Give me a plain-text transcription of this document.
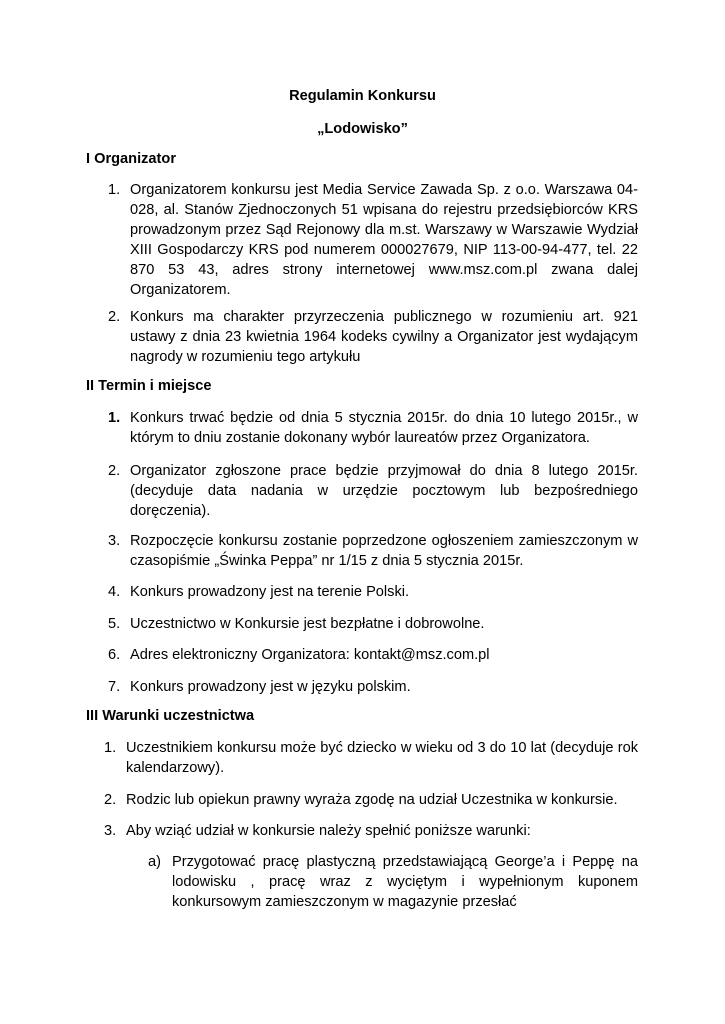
Regulamin Konkursu
„Lodowisko”
I Organizator
1. Organizatorem konkursu jest Media Service Zawada Sp. z o.o. Warszawa 04-028, al. Stanów Zjednoczonych 51 wpisana do rejestru przedsiębiorców KRS prowadzonym przez Sąd Rejonowy dla m.st. Warszawy w Warszawie Wydział XIII Gospodarczy KRS pod numerem 000027679, NIP 113-00-94-477, tel. 22 870 53 43, adres strony internetowej www.msz.com.pl zwana dalej Organizatorem.
2. Konkurs ma charakter przyrzeczenia publicznego w rozumieniu art. 921 ustawy z dnia 23 kwietnia 1964 kodeks cywilny a Organizator jest wydającym nagrody w rozumieniu tego artykułu
II Termin i miejsce
1. Konkurs trwać będzie od dnia 5 stycznia 2015r. do dnia 10 lutego 2015r., w którym to dniu zostanie dokonany wybór laureatów przez Organizatora.
2. Organizator zgłoszone prace będzie przyjmował do dnia 8 lutego 2015r. (decyduje data nadania w urzędzie pocztowym lub bezpośredniego doręczenia).
3. Rozpoczęcie konkursu zostanie poprzedzone ogłoszeniem zamieszczonym w czasopiśmie „Świnka Peppa” nr 1/15 z dnia 5 stycznia 2015r.
4. Konkurs prowadzony jest na terenie Polski.
5. Uczestnictwo w Konkursie jest bezpłatne i dobrowolne.
6. Adres elektroniczny Organizatora: kontakt@msz.com.pl
7. Konkurs prowadzony jest w języku polskim.
III Warunki uczestnictwa
1. Uczestnikiem konkursu może być dziecko w wieku od 3 do 10 lat (decyduje rok kalendarzowy).
2. Rodzic lub opiekun prawny wyraża zgodę na udział Uczestnika w konkursie.
3. Aby wziąć udział w konkursie należy spełnić poniższe warunki:
a) Przygotować pracę plastyczną przedstawiającą George’a i Peppę na lodowisku , pracę wraz z wyciętym i wypełnionym kuponem konkursowym zamieszczonym w magazynie przesłać
